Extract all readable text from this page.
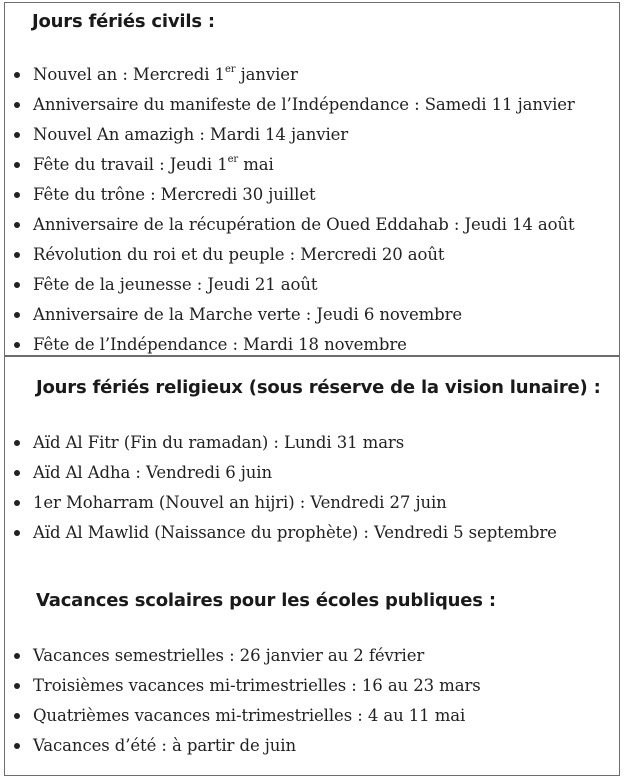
Jours fériés civils :
Nouvel an : Mercredi 1er janvier
Anniversaire du manifeste de l’Indépendance : Samedi 11 janvier
Nouvel An amazigh : Mardi 14 janvier
Fête du travail : Jeudi 1er mai
Fête du trône : Mercredi 30 juillet
Anniversaire de la récupération de Oued Eddahab : Jeudi 14 août
Révolution du roi et du peuple : Mercredi 20 août
Fête de la jeunesse : Jeudi 21 août
Anniversaire de la Marche verte : Jeudi 6 novembre
Fête de l’Indépendance : Mardi 18 novembre
Jours fériés religieux (sous réserve de la vision lunaire) :
Aïd Al Fitr (Fin du ramadan) : Lundi 31 mars
Aïd Al Adha : Vendredi 6 juin
1er Moharram (Nouvel an hijri) : Vendredi 27 juin
Aïd Al Mawlid (Naissance du prophète) : Vendredi 5 septembre
Vacances scolaires pour les écoles publiques :
Vacances semestrielles : 26 janvier au 2 février
Troisièmes vacances mi-trimestrielles : 16 au 23 mars
Quatrièmes vacances mi-trimestrielles : 4 au 11 mai
Vacances d’été : à partir de juin
